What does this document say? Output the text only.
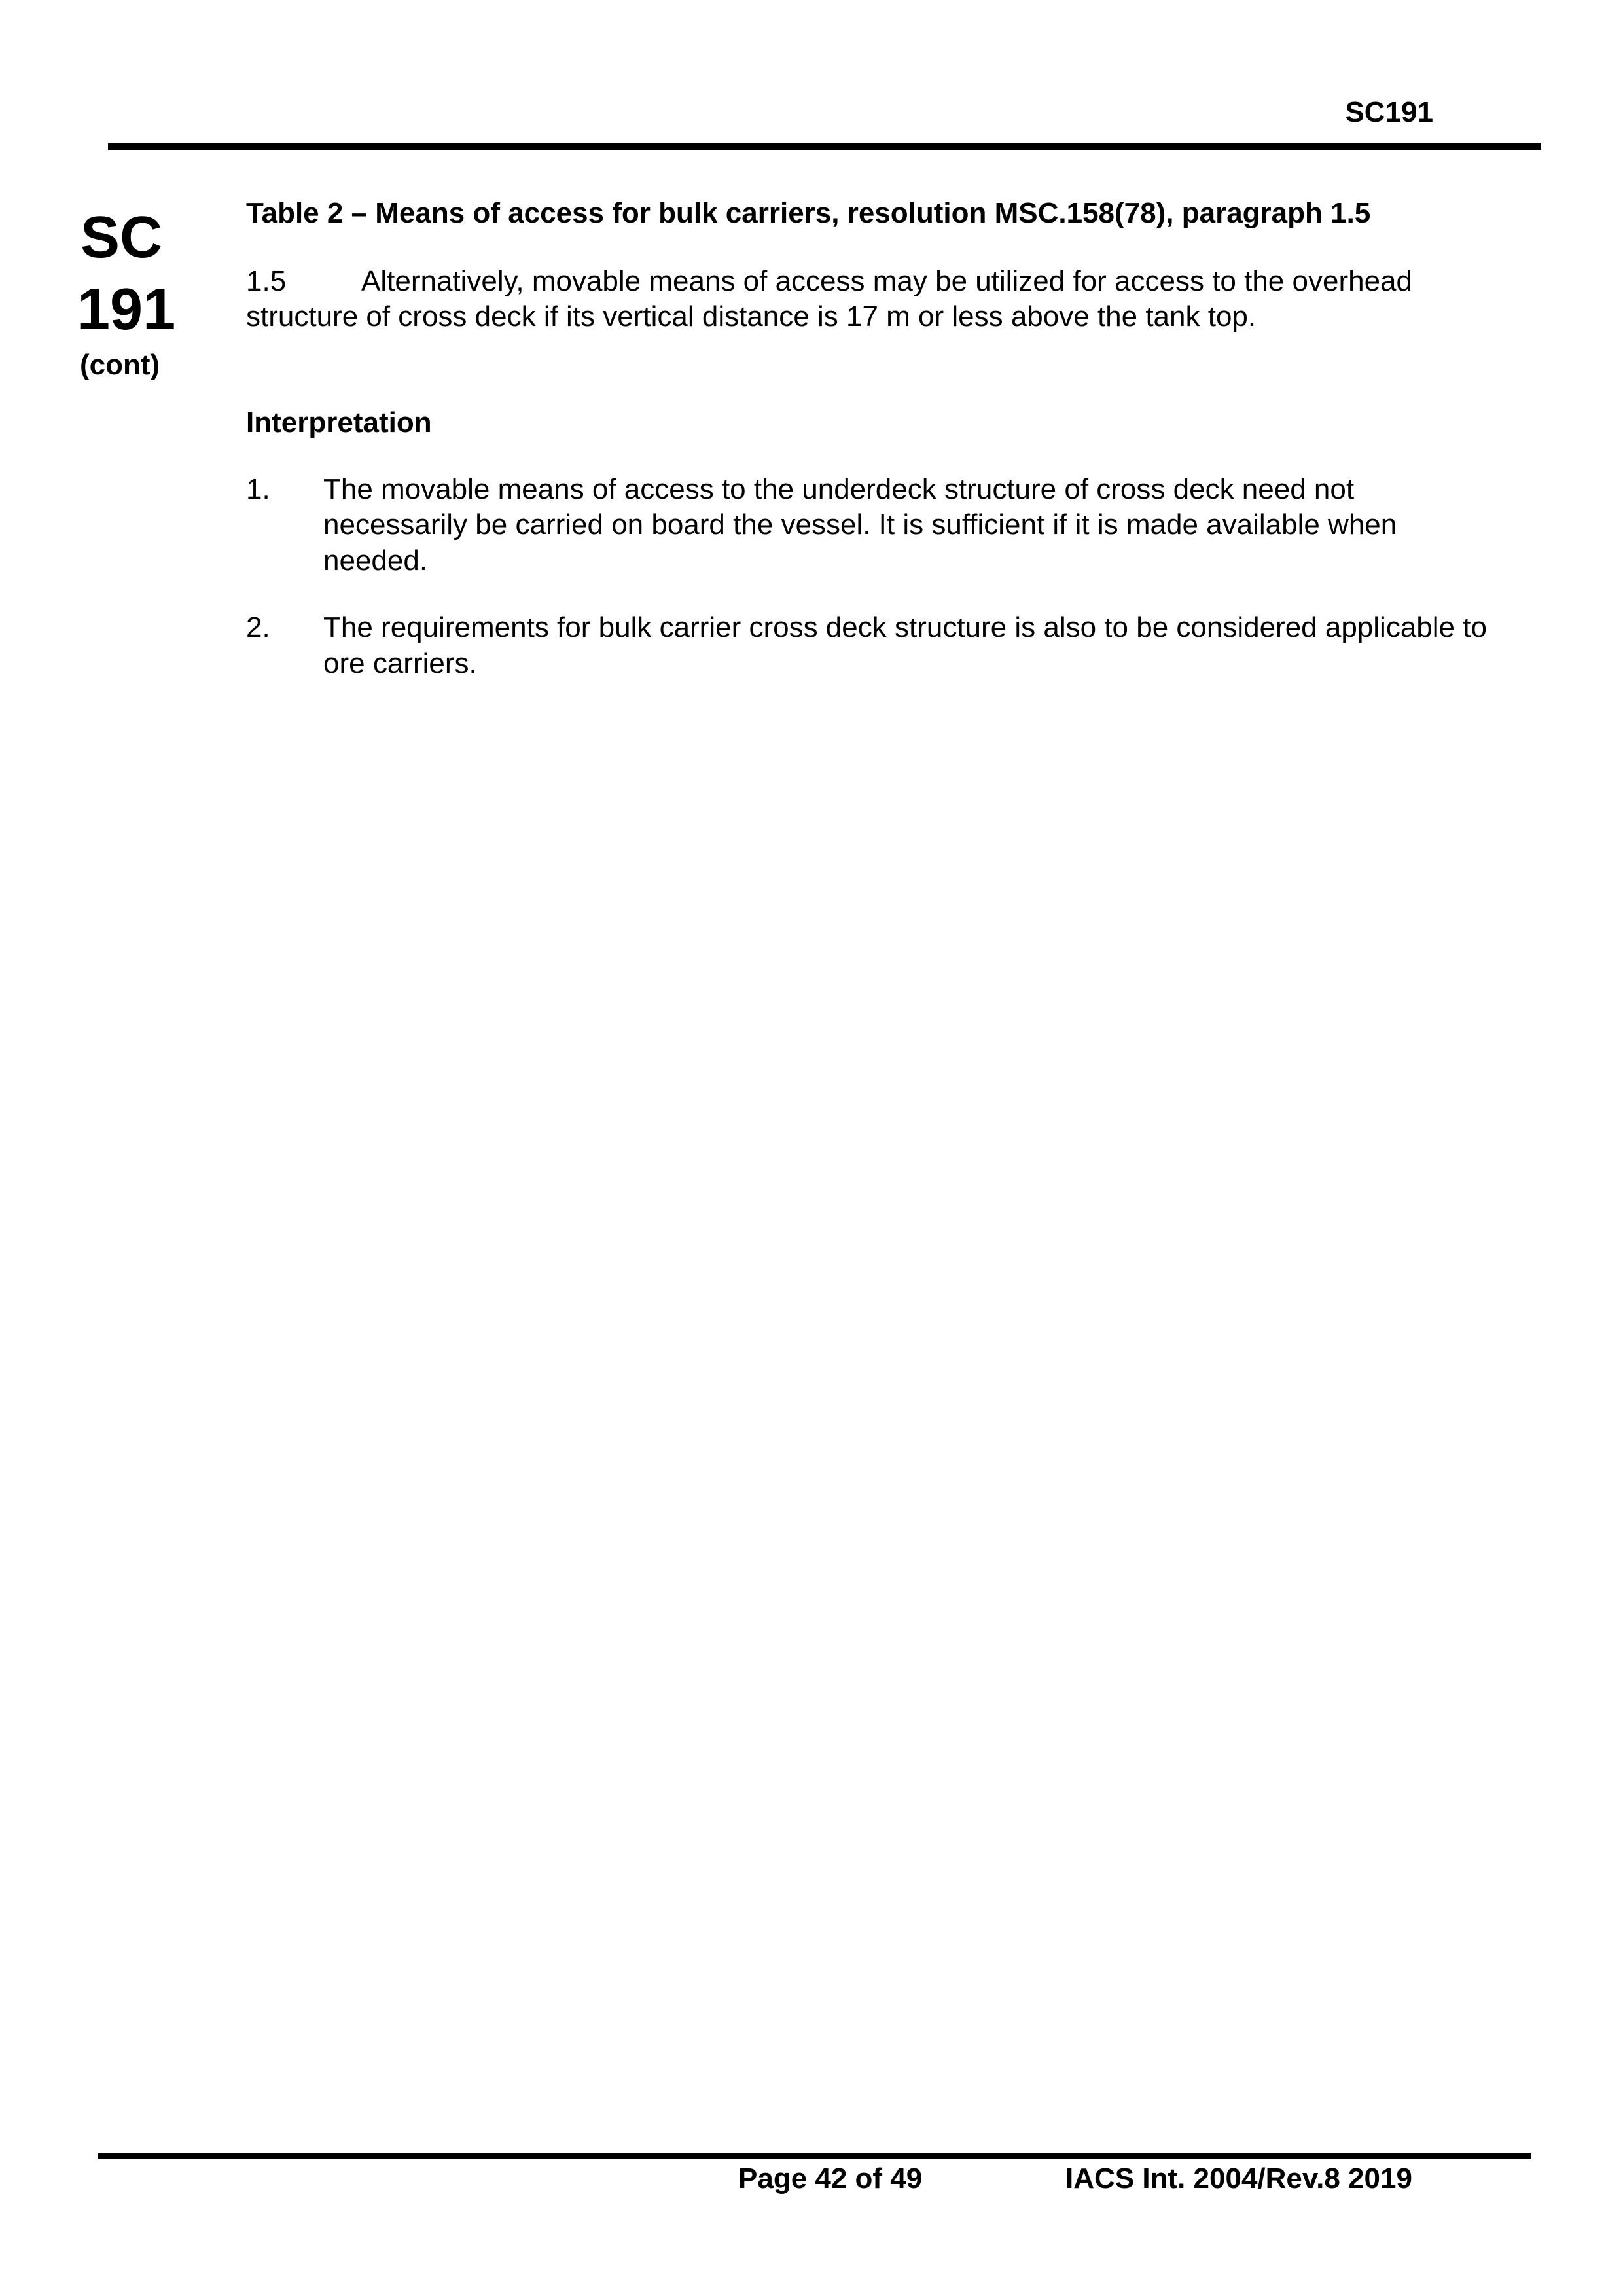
SC191
SC
191
(cont)

Table 2 – Means of access for bulk carriers, resolution MSC.158(78), paragraph 1.5

1.5	Alternatively, movable means of access may be utilized for access to the overhead structure of cross deck if its vertical distance is 17 m or less above the tank top.

Interpretation

1. The movable means of access to the underdeck structure of cross deck need not necessarily be carried on board the vessel. It is sufficient if it is made available when needed.
2. The requirements for bulk carrier cross deck structure is also to be considered applicable to ore carriers.
Page 42 of 49	IACS Int. 2004/Rev.8 2019
